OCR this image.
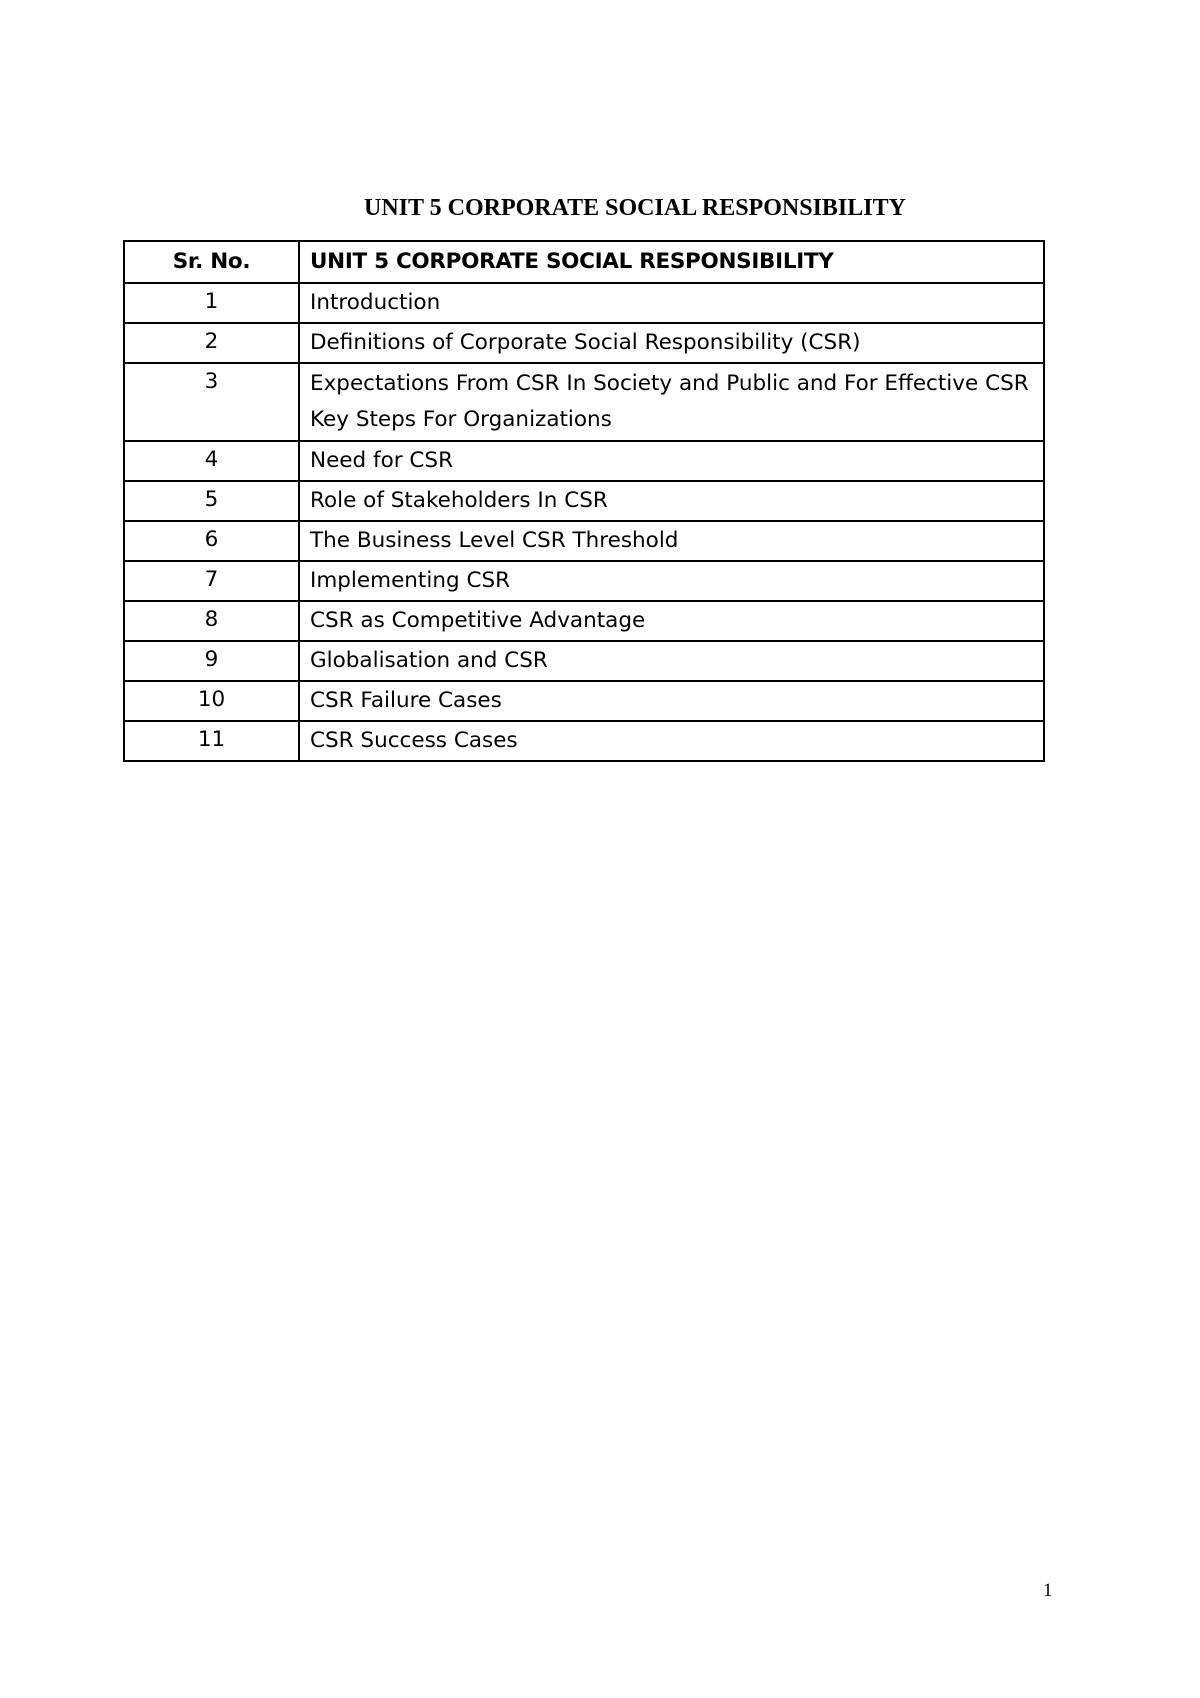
UNIT 5 CORPORATE SOCIAL RESPONSIBILITY
Sr. No.	UNIT 5 CORPORATE SOCIAL RESPONSIBILITY
1	Introduction
2	Definitions of Corporate Social Responsibility (CSR)
3	Expectations From CSR In Society and Public and For Effective CSR Key Steps For Organizations
4	Need for CSR
5	Role of Stakeholders In CSR
6	The Business Level CSR Threshold
7	Implementing CSR
8	CSR as Competitive Advantage
9	Globalisation and CSR
10	CSR Failure Cases
11	CSR Success Cases
1
